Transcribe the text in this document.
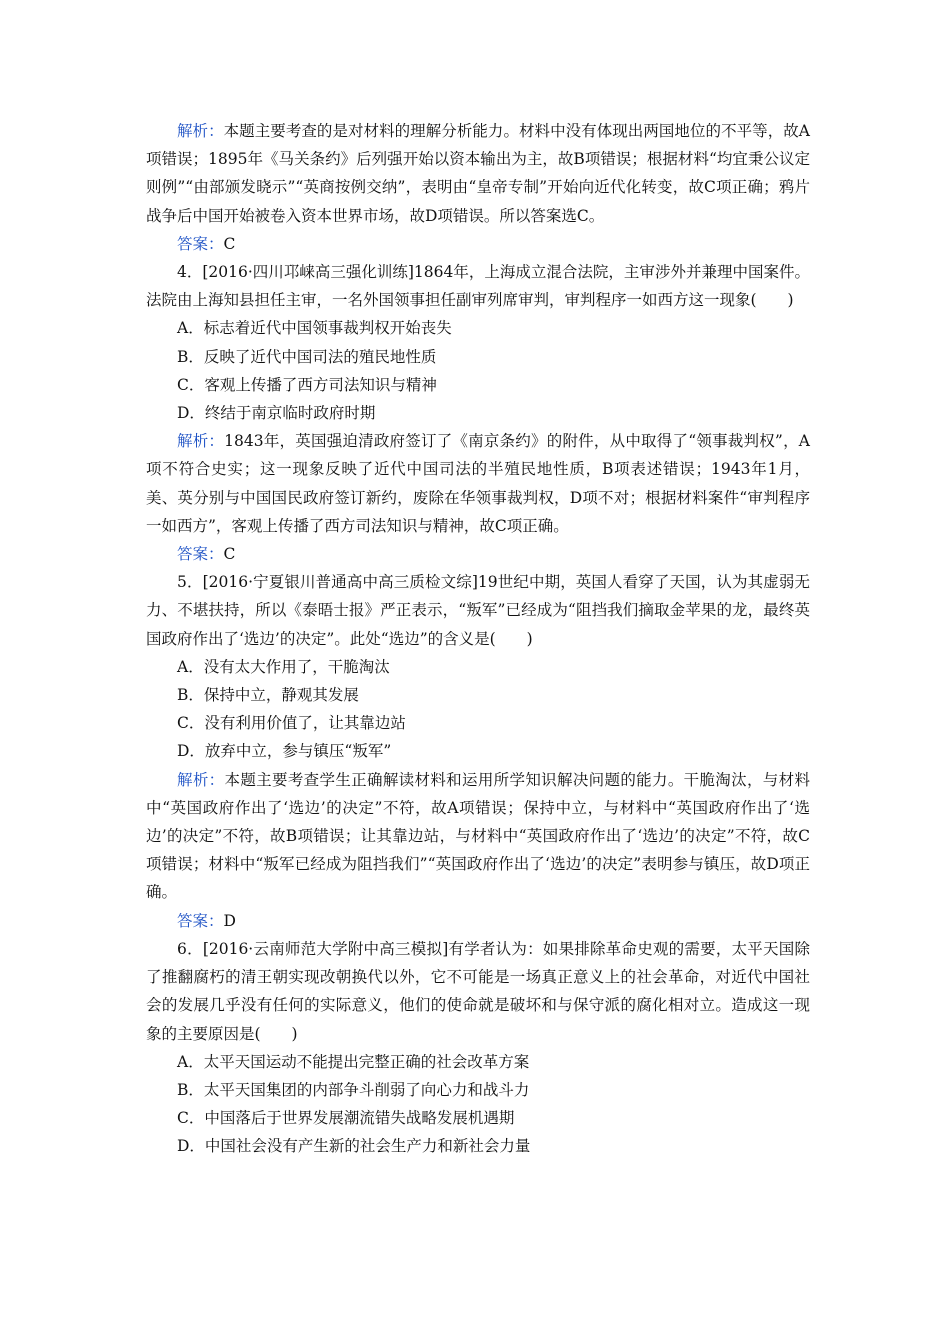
解析：本题主要考查的是对材料的理解分析能力。材料中没有体现出两国地位的不平等，故A项错误；1895年《马关条约》后列强开始以资本输出为主，故B项错误；根据材料“均宜秉公议定则例”“由部颁发晓示”“英商按例交纳”，表明由“皇帝专制”开始向近代化转变，故C项正确；鸦片战争后中国开始被卷入资本世界市场，故D项错误。所以答案选C。

答案：C

4．[2016·四川邛崃高三强化训练]1864年，上海成立混合法院，主审涉外并兼理中国案件。法院由上海知县担任主审，一名外国领事担任副审列席审判，审判程序一如西方这一现象(　　)

A．标志着近代中国领事裁判权开始丧失

B．反映了近代中国司法的殖民地性质

C．客观上传播了西方司法知识与精神

D．终结于南京临时政府时期

解析：1843年，英国强迫清政府签订了《南京条约》的附件，从中取得了“领事裁判权”，A项不符合史实；这一现象反映了近代中国司法的半殖民地性质，B项表述错误；1943年1月，美、英分别与中国国民政府签订新约，废除在华领事裁判权，D项不对；根据材料案件“审判程序一如西方”，客观上传播了西方司法知识与精神，故C项正确。

答案：C

5．[2016·宁夏银川普通高中高三质检文综]19世纪中期，英国人看穿了天国，认为其虚弱无力、不堪扶持，所以《泰晤士报》严正表示，“叛军”已经成为“阻挡我们摘取金苹果的龙，最终英国政府作出了‘选边’的决定”。此处“选边”的含义是(　　)

A．没有太大作用了，干脆淘汰

B．保持中立，静观其发展

C．没有利用价值了，让其靠边站

D．放弃中立，参与镇压“叛军”

解析：本题主要考查学生正确解读材料和运用所学知识解决问题的能力。干脆淘汰，与材料中“英国政府作出了‘选边’的决定”不符，故A项错误；保持中立，与材料中“英国政府作出了‘选边’的决定”不符，故B项错误；让其靠边站，与材料中“英国政府作出了‘选边’的决定”不符，故C项错误；材料中“叛军已经成为阻挡我们”“英国政府作出了‘选边’的决定”表明参与镇压，故D项正确。

答案：D

6．[2016·云南师范大学附中高三模拟]有学者认为：如果排除革命史观的需要，太平天国除了推翻腐朽的清王朝实现改朝换代以外，它不可能是一场真正意义上的社会革命，对近代中国社会的发展几乎没有任何的实际意义，他们的使命就是破坏和与保守派的腐化相对立。造成这一现象的主要原因是(　　)

A．太平天国运动不能提出完整正确的社会改革方案

B．太平天国集团的内部争斗削弱了向心力和战斗力

C．中国落后于世界发展潮流错失战略发展机遇期

D．中国社会没有产生新的社会生产力和新社会力量
